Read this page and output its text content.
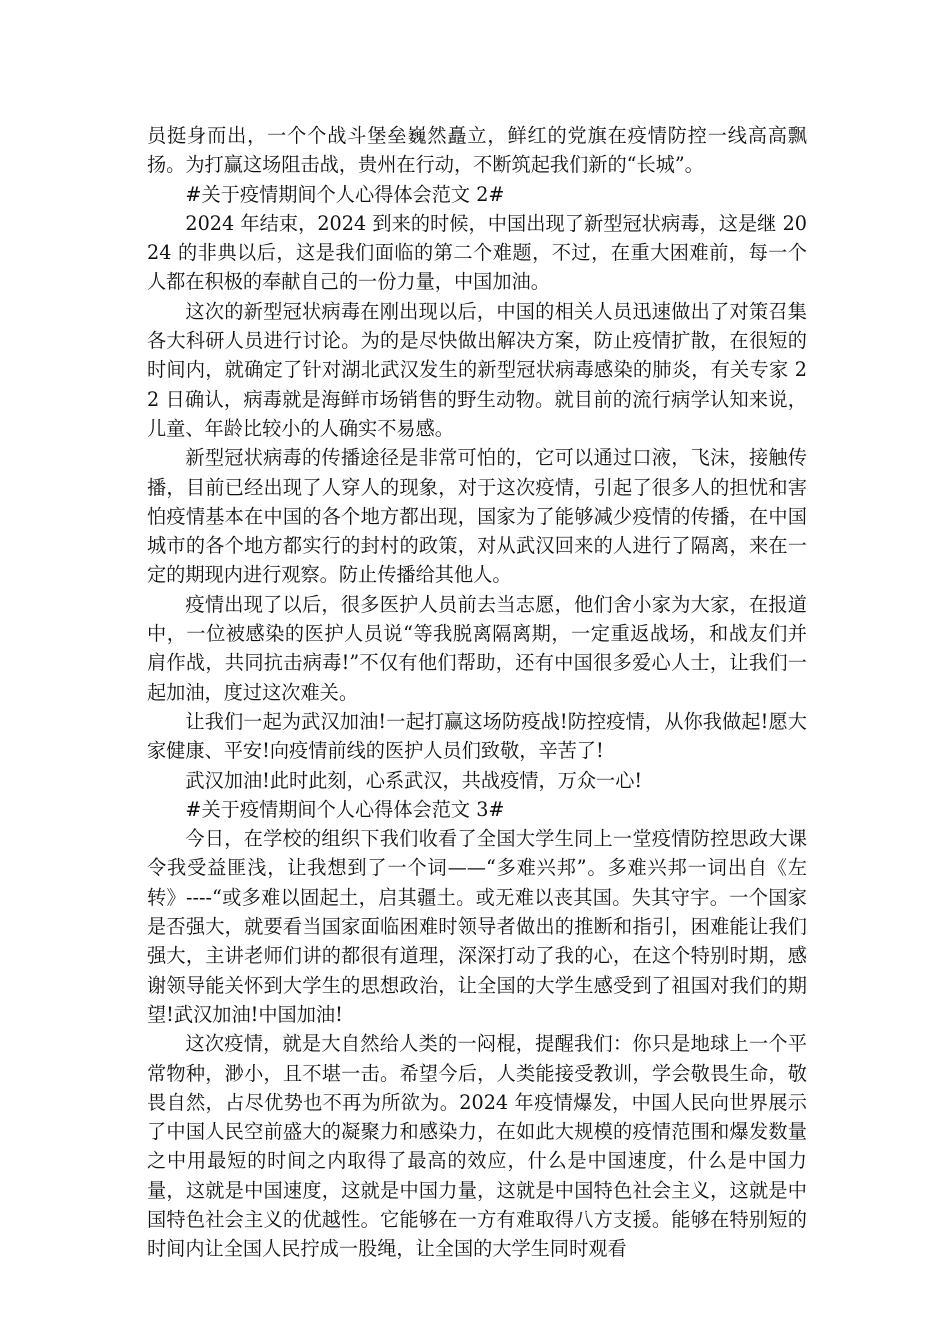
员挺身而出，一个个战斗堡垒巍然矗立，鲜红的党旗在疫情防控一线高高飘扬。为打赢这场阻击战，贵州在行动，不断筑起我们新的“长城”。

#关于疫情期间个人心得体会范文 2#

2024 年结束，2024 到来的时候，中国出现了新型冠状病毒，这是继 2024 的非典以后，这是我们面临的第二个难题，不过，在重大困难前，每一个人都在积极的奉献自己的一份力量，中国加油。

这次的新型冠状病毒在刚出现以后，中国的相关人员迅速做出了对策召集各大科研人员进行讨论。为的是尽快做出解决方案，防止疫情扩散，在很短的时间内，就确定了针对湖北武汉发生的新型冠状病毒感染的肺炎，有关专家 22 日确认，病毒就是海鲜市场销售的野生动物。就目前的流行病学认知来说，儿童、年龄比较小的人确实不易感。

新型冠状病毒的传播途径是非常可怕的，它可以通过口液，飞沫，接触传播，目前已经出现了人穿人的现象，对于这次疫情，引起了很多人的担忧和害怕疫情基本在中国的各个地方都出现，国家为了能够减少疫情的传播，在中国城市的各个地方都实行的封村的政策，对从武汉回来的人进行了隔离，来在一定的期现内进行观察。防止传播给其他人。

疫情出现了以后，很多医护人员前去当志愿，他们舍小家为大家，在报道中，一位被感染的医护人员说“等我脱离隔离期，一定重返战场，和战友们并肩作战，共同抗击病毒!”不仅有他们帮助，还有中国很多爱心人士，让我们一起加油，度过这次难关。

让我们一起为武汉加油!一起打赢这场防疫战!防控疫情，从你我做起!愿大家健康、平安!向疫情前线的医护人员们致敬，辛苦了!

武汉加油!此时此刻，心系武汉，共战疫情，万众一心!

#关于疫情期间个人心得体会范文 3#

今日，在学校的组织下我们收看了全国大学生同上一堂疫情防控思政大课令我受益匪浅，让我想到了一个词——“多难兴邦”。多难兴邦一词出自《左转》----“或多难以固起土，启其疆土。或无难以丧其国。失其守宇。一个国家是否强大，就要看当国家面临困难时领导者做出的推断和指引，困难能让我们强大，主讲老师们讲的都很有道理，深深打动了我的心，在这个特别时期，感谢领导能关怀到大学生的思想政治，让全国的大学生感受到了祖国对我们的期望!武汉加油!中国加油!

这次疫情，就是大自然给人类的一闷棍，提醒我们：你只是地球上一个平常物种，渺小，且不堪一击。希望今后，人类能接受教训，学会敬畏生命，敬畏自然，占尽优势也不再为所欲为。2024 年疫情爆发，中国人民向世界展示了中国人民空前盛大的凝聚力和感染力，在如此大规模的疫情范围和爆发数量之中用最短的时间之内取得了最高的效应，什么是中国速度，什么是中国力量，这就是中国速度，这就是中国力量，这就是中国特色社会主义，这就是中国特色社会主义的优越性。它能够在一方有难取得八方支援。能够在特别短的时间内让全国人民拧成一股绳，让全国的大学生同时观看
